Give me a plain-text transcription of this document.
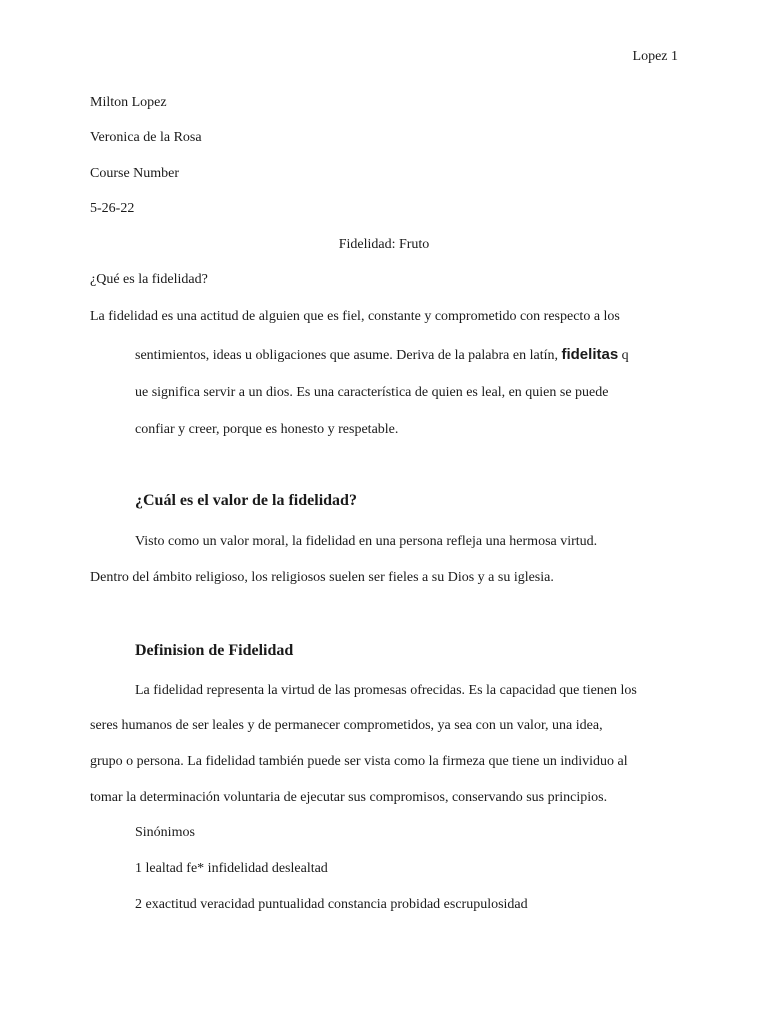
Lopez 1
Milton Lopez
Veronica de la Rosa
Course Number
5-26-22
Fidelidad: Fruto
¿Qué es la fidelidad?
La fidelidad es una actitud de alguien que es fiel, constante y comprometido con respecto a los
sentimientos, ideas u obligaciones que asume. Deriva de la palabra en latín, fidelitas q
ue significa servir a un dios. Es una característica de quien es leal, en quien se puede
confiar y creer, porque es honesto y respetable.
¿Cuál es el valor de la fidelidad?
Visto como un valor moral, la fidelidad en una persona refleja una hermosa virtud.
Dentro del ámbito religioso, los religiosos suelen ser fieles a su Dios y a su iglesia.
Definision de Fidelidad
La fidelidad representa la virtud de las promesas ofrecidas. Es la capacidad que tienen los
seres humanos de ser leales y de permanecer comprometidos, ya sea con un valor, una idea,
grupo o persona. La fidelidad también puede ser vista como la firmeza que tiene un individuo al
tomar la determinación voluntaria de ejecutar sus compromisos, conservando sus principios.
Sinónimos
1 lealtad fe* infidelidad deslealtad
2 exactitud veracidad puntualidad constancia probidad escrupulosidad
